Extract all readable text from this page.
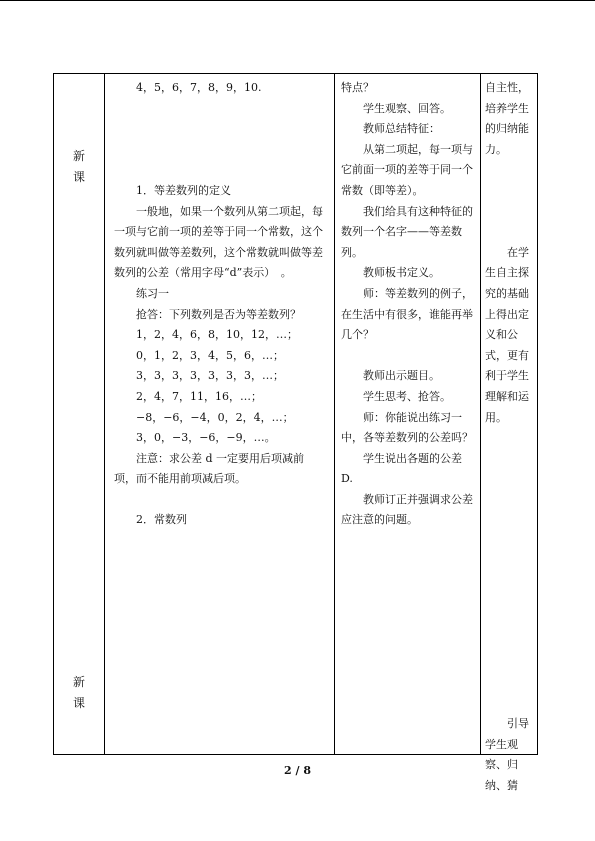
新
课
新
课
4，5，6，7，8，9，10.
1．等差数列的定义
一般地，如果一个数列从第二项起，每一项与它前一项的差等于同一个常数，这个数列就叫做等差数列，这个常数就叫做等差数列的公差（常用字母“d”表示）　。
练习一
抢答：下列数列是否为等差数列？
1，2，4，6，8，10，12，…；
0，1，2，3，4，5，6，…；
3，3，3，3，3，3，3，…；
2，4，7，11，16，…；
−8，−6，−4，0，2，4，…；
3，0，−3，−6，−9，…。
注意：求公差 d 一定要用后项减前项，而不能用前项减后项。
2．常数列
特点？
学生观察、回答。
教师总结特征：
从第二项起，每一项与它前面一项的差等于同一个常数（即等差）。
我们给具有这种特征的数列一个名字——等差数列。
教师板书定义。
师：等差数列的例子，在生活中有很多，谁能再举几个？
教师出示题目。
学生思考、抢答。
师：你能说出练习一中，各等差数列的公差吗？
学生说出各题的公差 D.
教师订正并强调求公差应注意的问题。
自主性，培养学生的归纳能力。
在学生自主探究的基础上得出定义和公式，更有利于学生理解和运用。
引导学生观察、归纳、猜
2 / 8
